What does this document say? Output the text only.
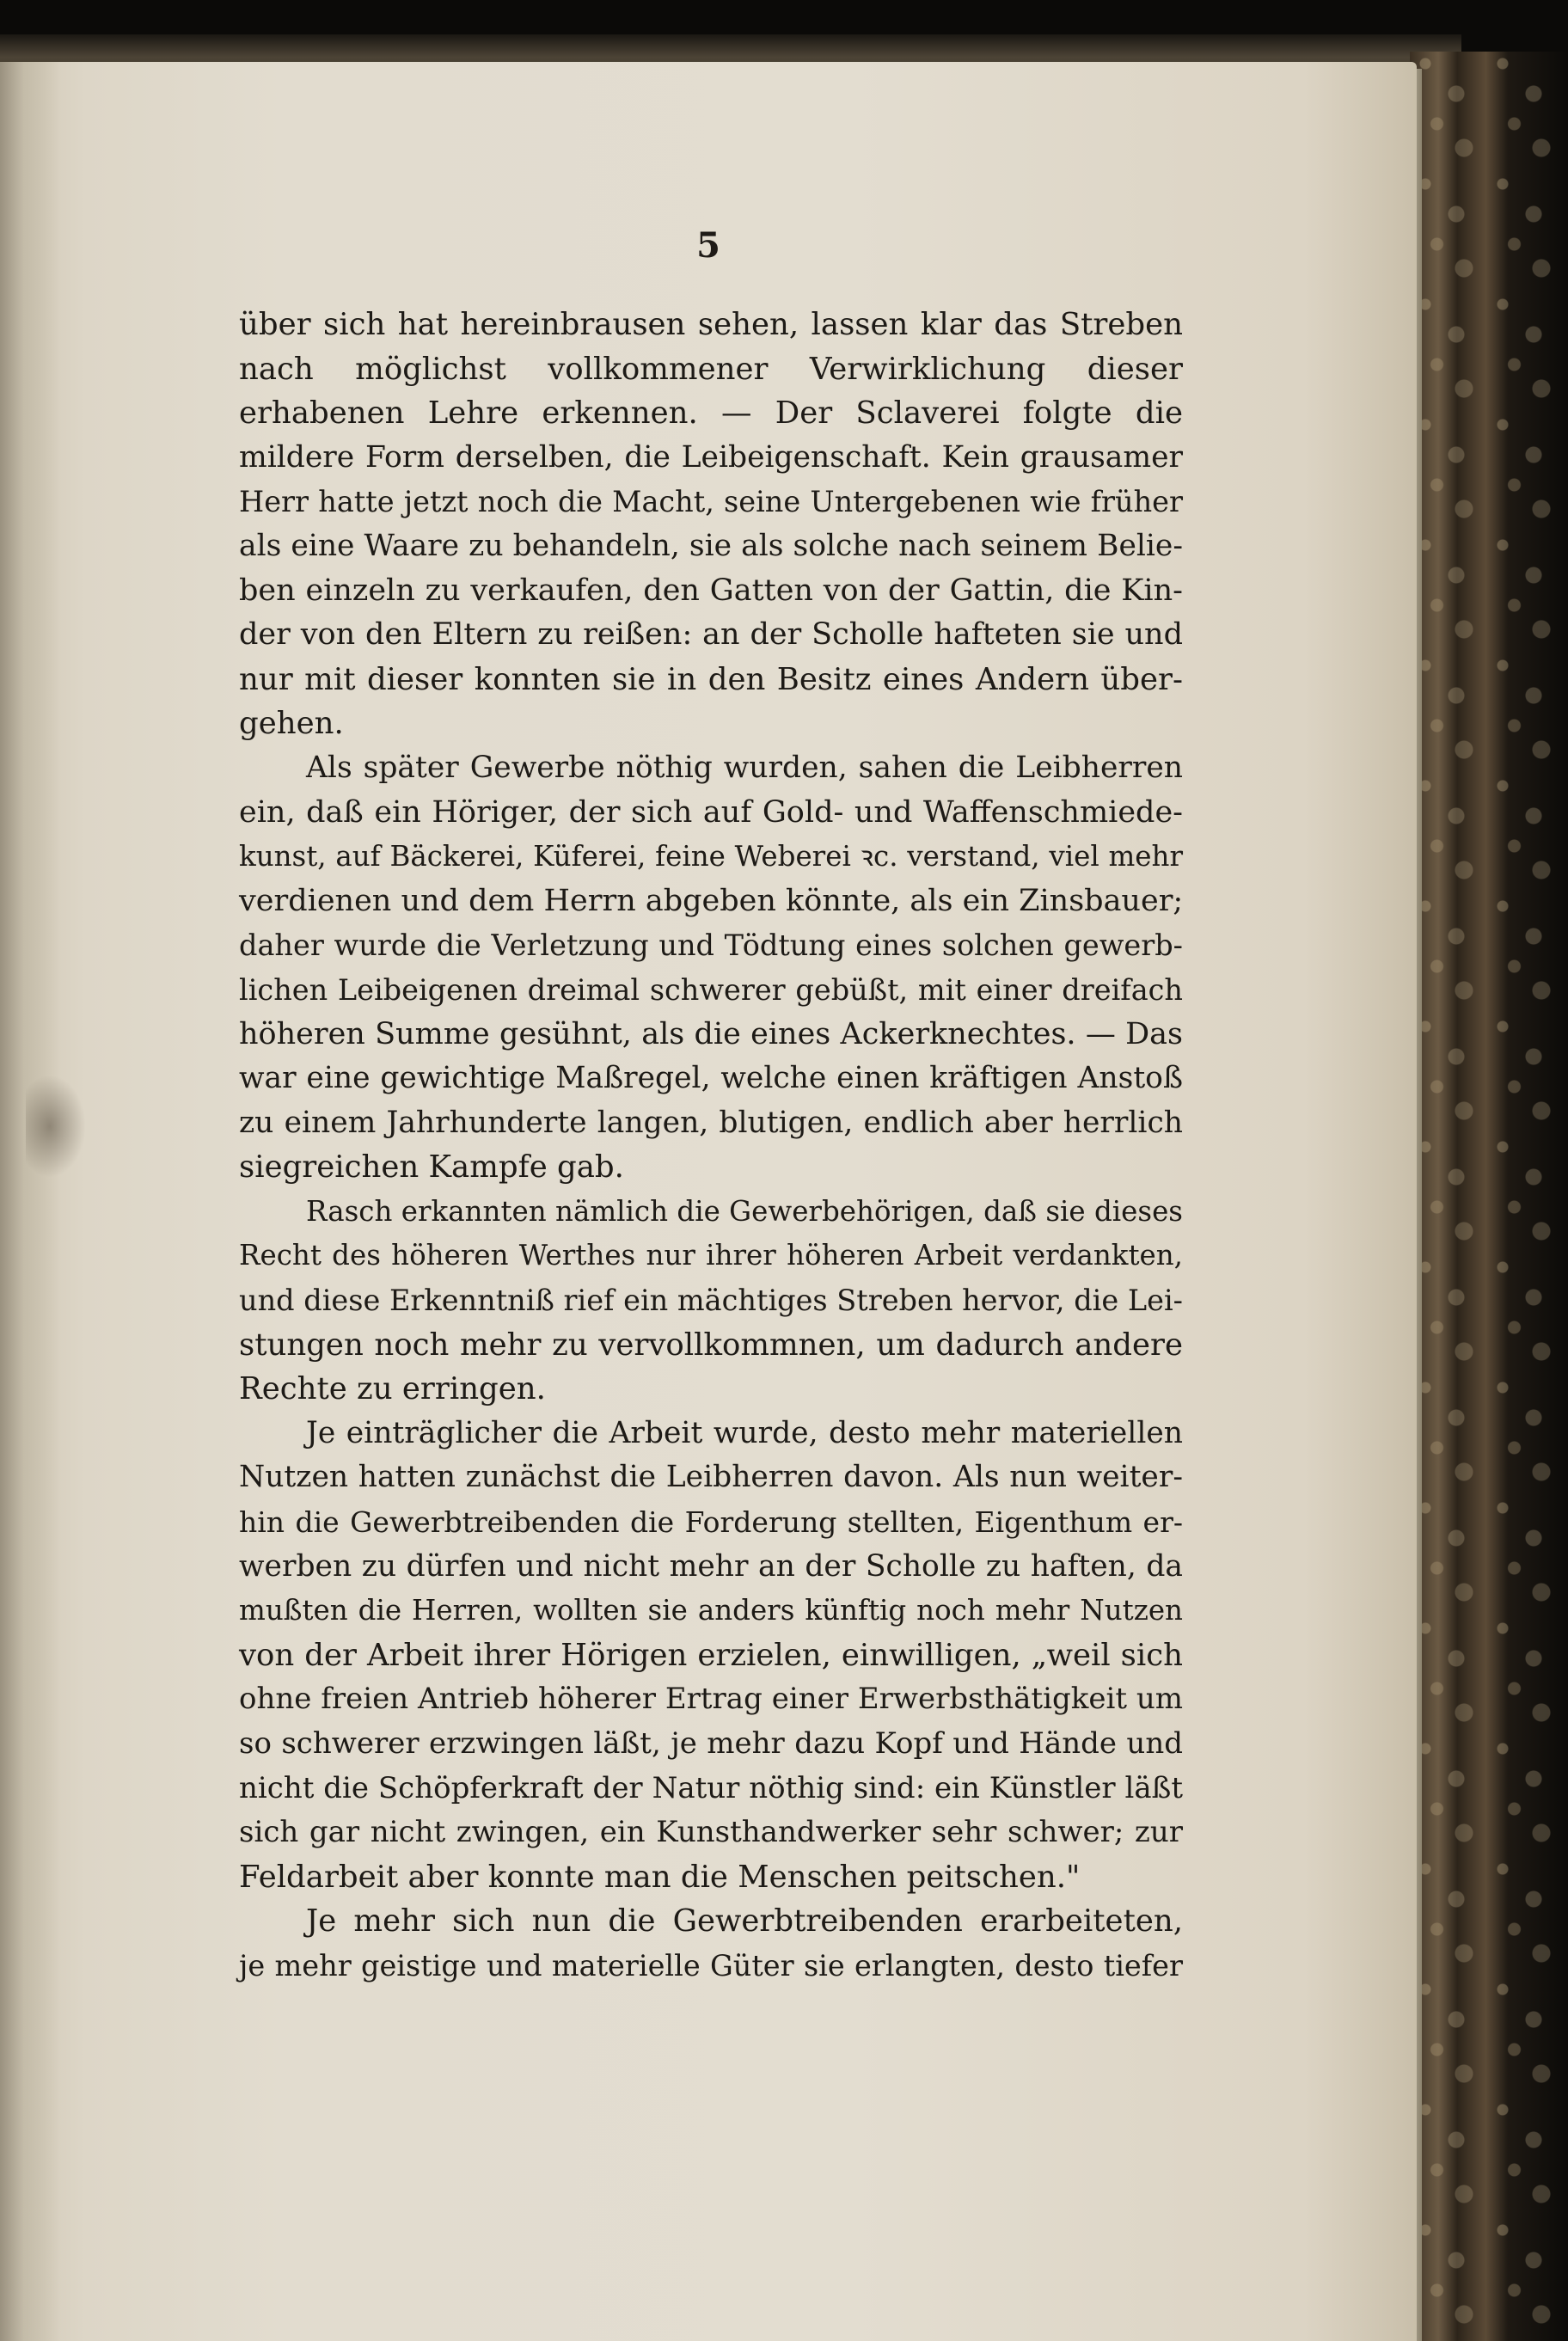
5
über sich hat hereinbrausen sehen, lassen klar das Streben
nach möglichst vollkommener Verwirklichung dieser
erhabenen Lehre erkennen. — Der Sclaverei folgte die
mildere Form derselben, die Leibeigenschaft. Kein grausamer
Herr hatte jetzt noch die Macht, seine Untergebenen wie früher
als eine Waare zu behandeln, sie als solche nach seinem Belie-
ben einzeln zu verkaufen, den Gatten von der Gattin, die Kin-
der von den Eltern zu reißen: an der Scholle hafteten sie und
nur mit dieser konnten sie in den Besitz eines Andern über-
gehen.
Als später Gewerbe nöthig wurden, sahen die Leibherren
ein, daß ein Höriger, der sich auf Gold- und Waffenschmiede-
kunst, auf Bäckerei, Küferei, feine Weberei ꝛc. verstand, viel mehr
verdienen und dem Herrn abgeben könnte, als ein Zinsbauer;
daher wurde die Verletzung und Tödtung eines solchen gewerb-
lichen Leibeigenen dreimal schwerer gebüßt, mit einer dreifach
höheren Summe gesühnt, als die eines Ackerknechtes. — Das
war eine gewichtige Maßregel, welche einen kräftigen Anstoß
zu einem Jahrhunderte langen, blutigen, endlich aber herrlich
siegreichen Kampfe gab.
Rasch erkannten nämlich die Gewerbehörigen, daß sie dieses
Recht des höheren Werthes nur ihrer höheren Arbeit verdankten,
und diese Erkenntniß rief ein mächtiges Streben hervor, die Lei-
stungen noch mehr zu vervollkommnen, um dadurch andere
Rechte zu erringen.
Je einträglicher die Arbeit wurde, desto mehr materiellen
Nutzen hatten zunächst die Leibherren davon. Als nun weiter-
hin die Gewerbtreibenden die Forderung stellten, Eigenthum er-
werben zu dürfen und nicht mehr an der Scholle zu haften, da
mußten die Herren, wollten sie anders künftig noch mehr Nutzen
von der Arbeit ihrer Hörigen erzielen, einwilligen, „weil sich
ohne freien Antrieb höherer Ertrag einer Erwerbsthätigkeit um
so schwerer erzwingen läßt, je mehr dazu Kopf und Hände und
nicht die Schöpferkraft der Natur nöthig sind: ein Künstler läßt
sich gar nicht zwingen, ein Kunsthandwerker sehr schwer; zur
Feldarbeit aber konnte man die Menschen peitschen."
Je mehr sich nun die Gewerbtreibenden erarbeiteten,
je mehr geistige und materielle Güter sie erlangten, desto tiefer
